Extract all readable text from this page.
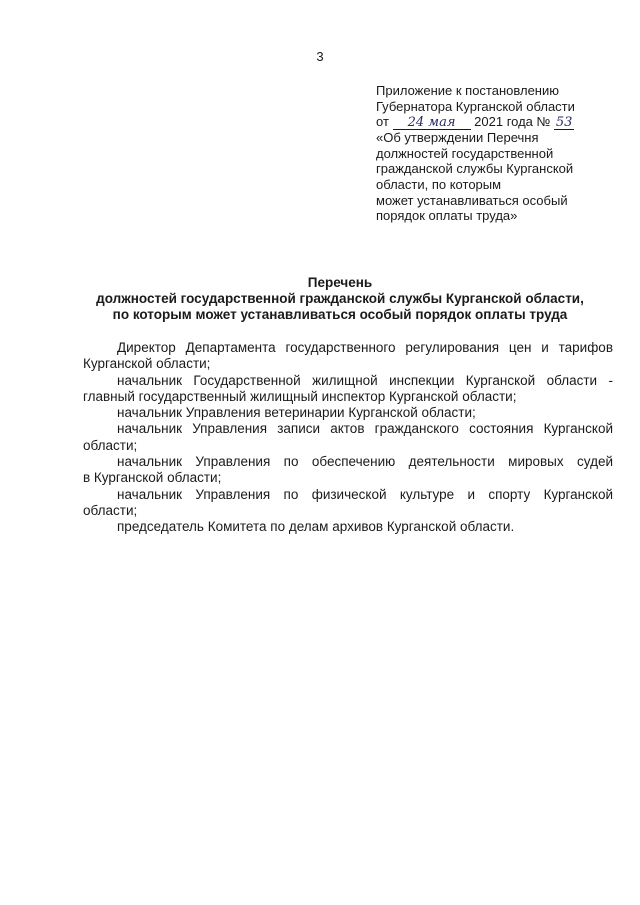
3
Приложение к постановлению
Губернатора Курганской области
от 24 мая 2021 года № 53
«Об утверждении Перечня
должностей государственной
гражданской службы Курганской
области, по которым
может устанавливаться особый
порядок оплаты труда»
Перечень
должностей государственной гражданской службы Курганской области,
по которым может устанавливаться особый порядок оплаты труда

Директор Департамента государственного регулирования цен и тарифов
Курганской области;

начальник Государственной жилищной инспекции Курганской области -
главный государственный жилищный инспектор Курганской области;

начальник Управления ветеринарии Курганской области;

начальник Управления записи актов гражданского состояния Курганской
области;

начальник Управления по обеспечению деятельности мировых судей
в Курганской области;

начальник Управления по физической культуре и спорту Курганской
области;

председатель Комитета по делам архивов Курганской области.
